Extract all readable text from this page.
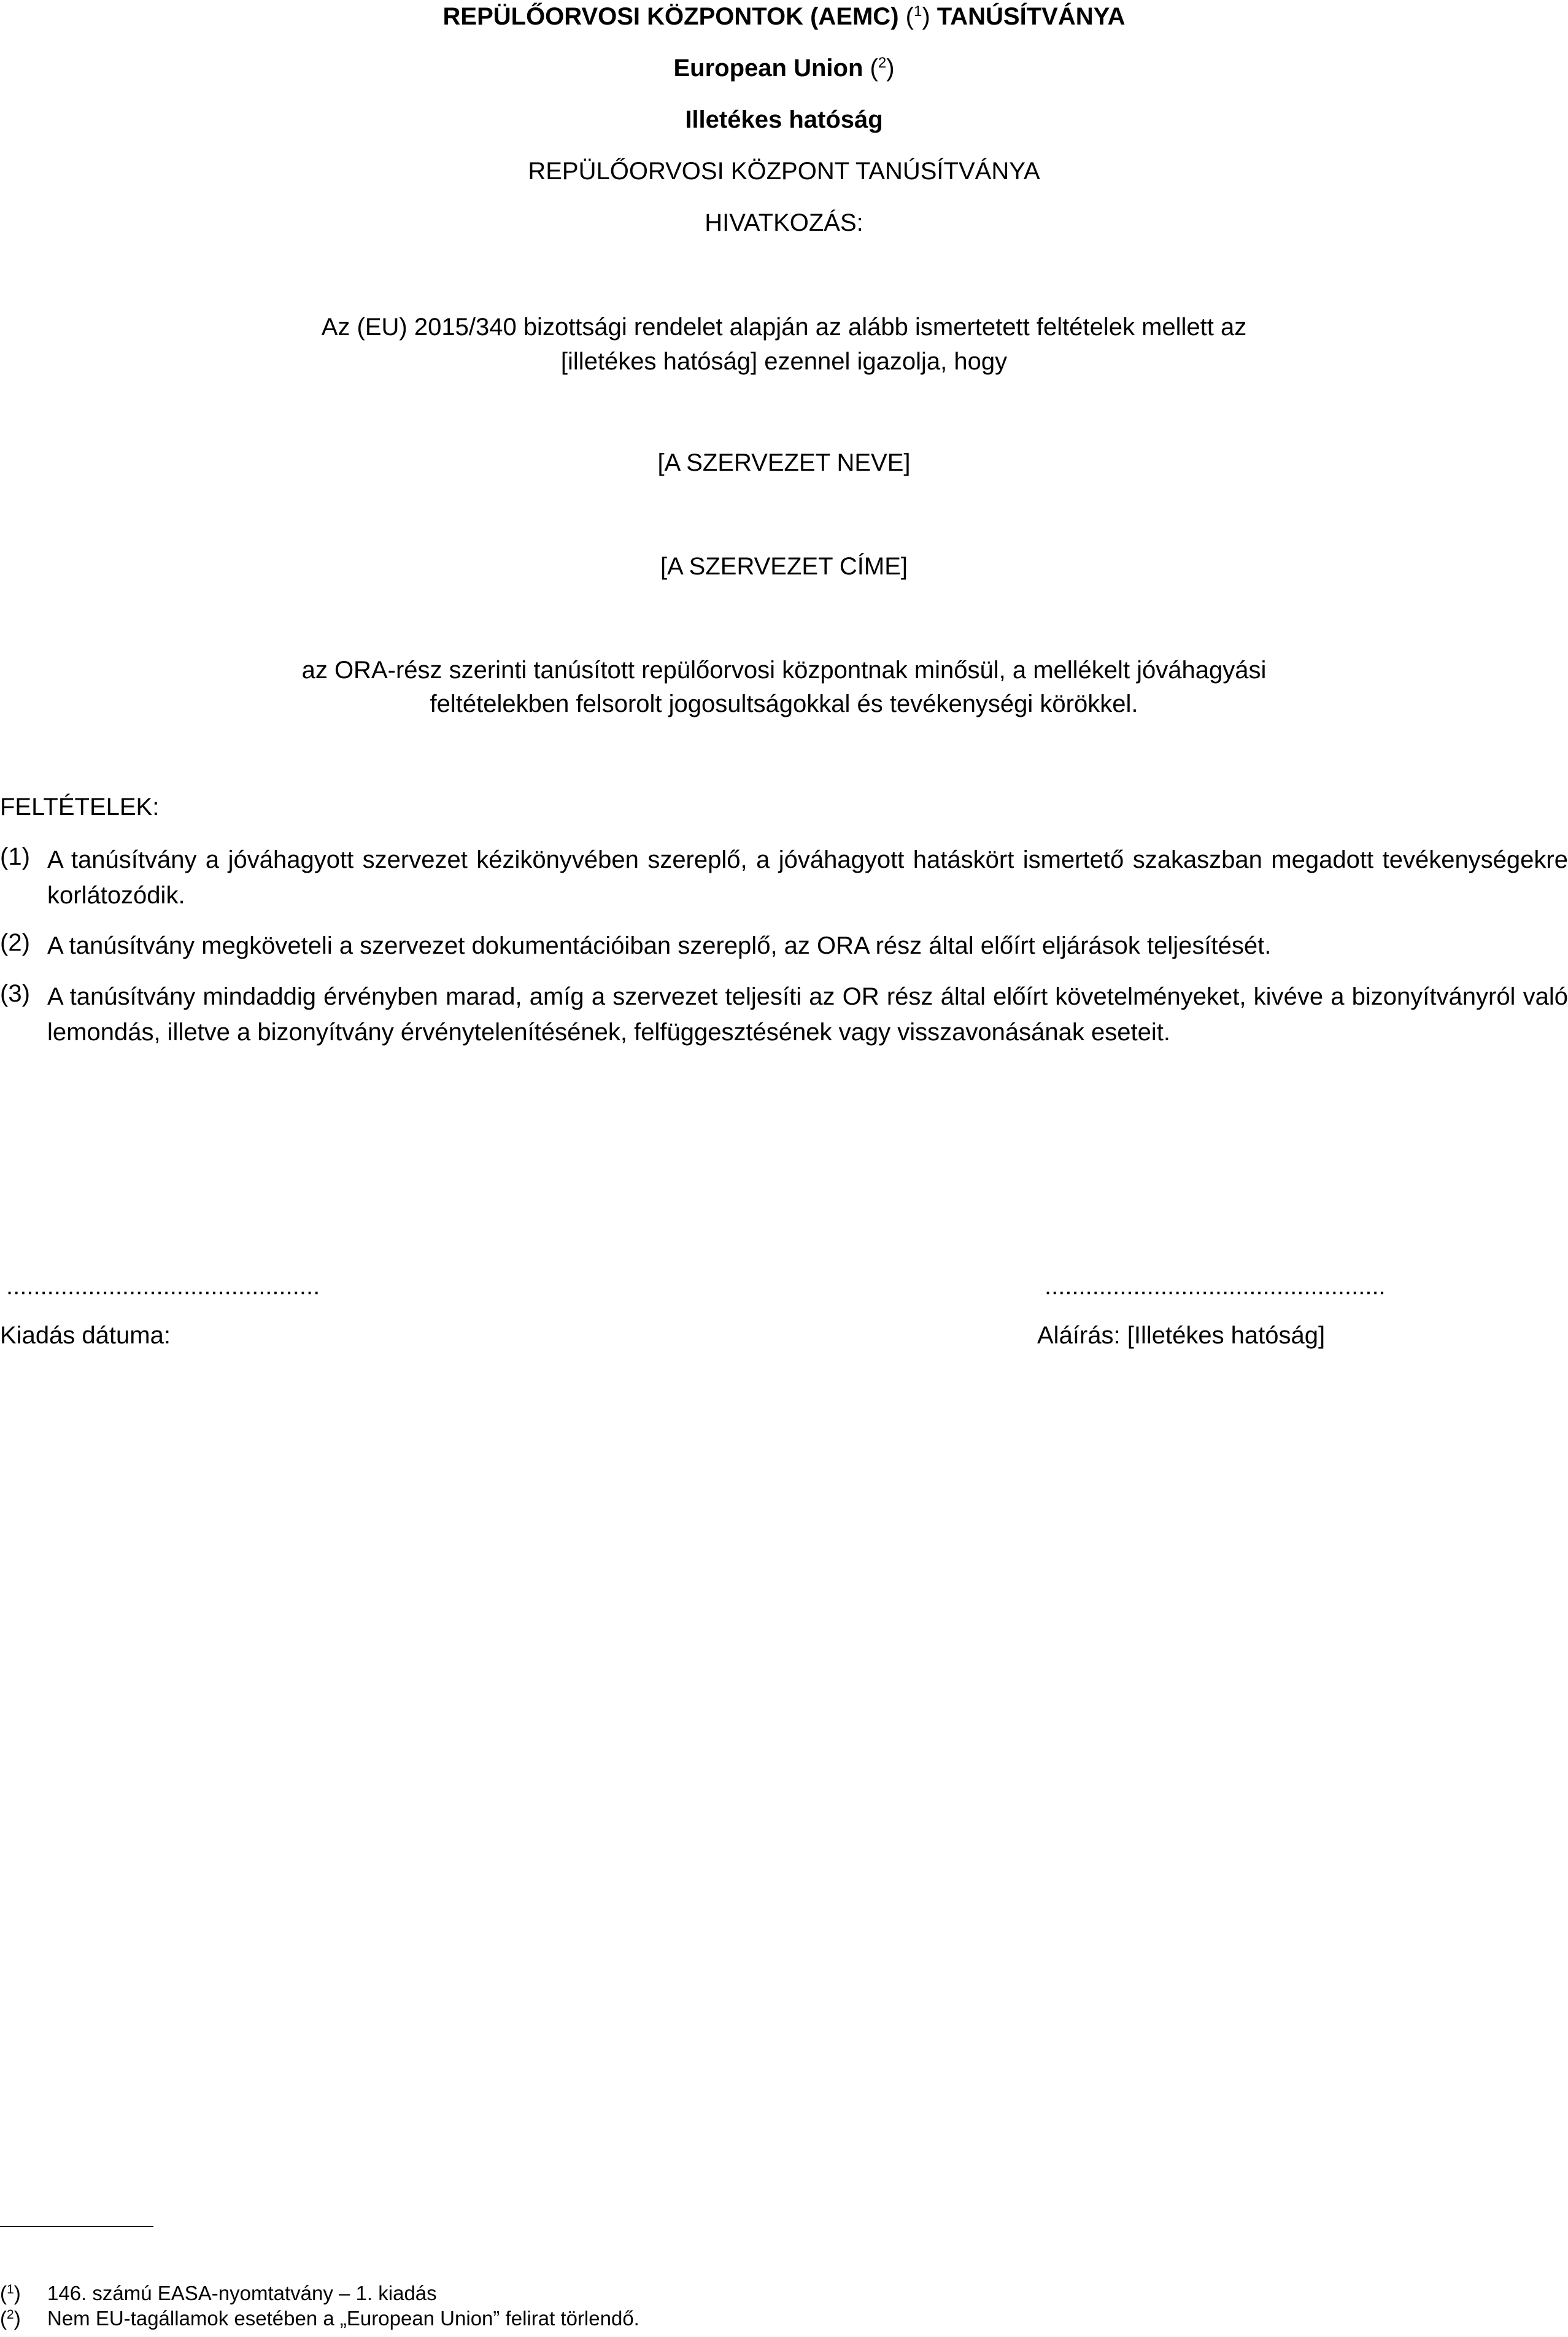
REPÜLŐORVOSI KÖZPONTOK (AEMC) ($^1$) TANÚSÍTVÁNYA
European Union ($^2$)
Illetékes hatóság
REPÜLŐORVOSI KÖZPONT TANÚSÍTVÁNYA
HIVATKOZÁS:
Az (EU) 2015/340 bizottsági rendelet alapján az alább ismertetett feltételek mellett az
[illetékes hatóság] ezennel igazolja, hogy
[A SZERVEZET NEVE]
[A SZERVEZET CÍME]
az ORA-rész szerinti tanúsított repülőorvosi központnak minősül, a mellékelt jóváhagyási
feltételekben felsorolt jogosultságokkal és tevékenységi körökkel.
FELTÉTELEK:
(1) A tanúsítvány a jóváhagyott szervezet kézikönyvében szereplő, a jóváhagyott hatáskört ismertető szakaszban megadott tevékenységekre korlátozódik.
(2) A tanúsítvány megköveteli a szervezet dokumentációiban szereplő, az ORA rész által előírt eljárások teljesítését.
(3) A tanúsítvány mindaddig érvényben marad, amíg a szervezet teljesíti az OR rész által előírt követelményeket, kivéve a bizonyítványról való lemondás, illetve a bizonyítvány érvénytelenítésének, felfüggesztésének vagy visszavonásának eseteit.
..............................................
Kiadás dátuma:
..................................................
Aláírás: [Illetékes hatóság]
($^1$) 146. számú EASA-nyomtatvány – 1. kiadás
($^2$) Nem EU-tagállamok esetében a „European Union” felirat törlendő.
